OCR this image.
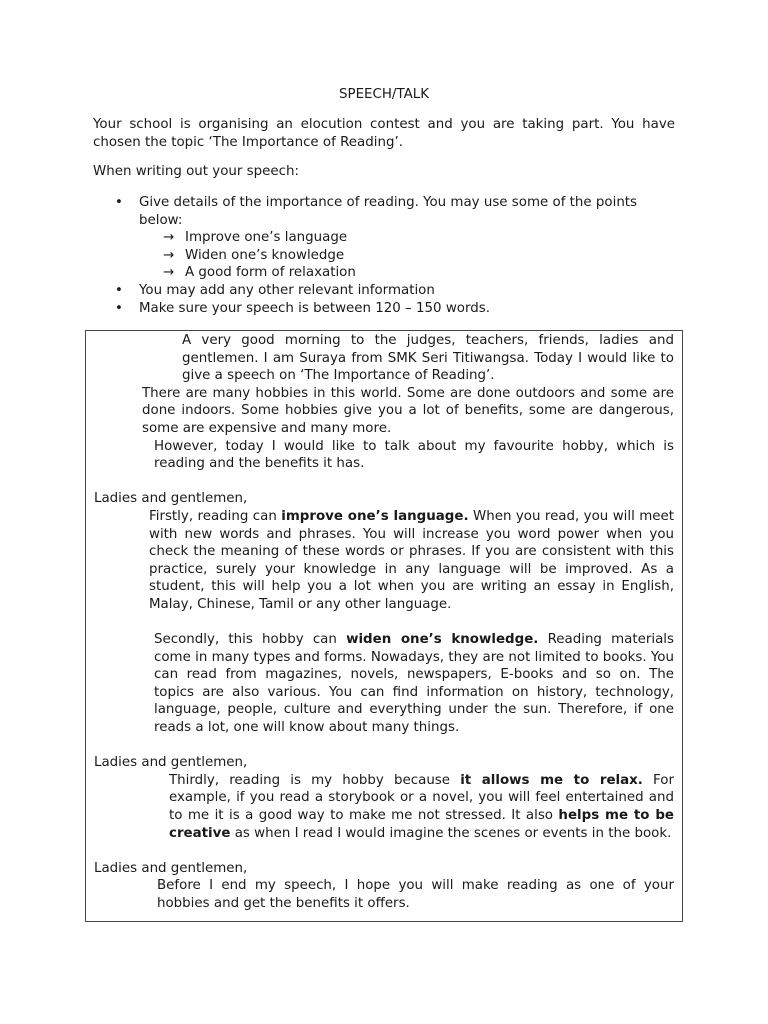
SPEECH/TALK
Your school is organising an elocution contest and you are taking part. You have chosen the topic ‘The Importance of Reading’.
When writing out your speech:
• Give details of the importance of reading. You may use some of the points below:
→ Improve one’s language
→ Widen one’s knowledge
→ A good form of relaxation
• You may add any other relevant information
• Make sure your speech is between 120 – 150 words.

A very good morning to the judges, teachers, friends, ladies and gentlemen. I am Suraya from SMK Seri Titiwangsa. Today I would like to give a speech on ‘The Importance of Reading’.

There are many hobbies in this world. Some are done outdoors and some are done indoors. Some hobbies give you a lot of benefits, some are dangerous, some are expensive and many more.

However, today I would like to talk about my favourite hobby, which is reading and the benefits it has.

Ladies and gentlemen,

Firstly, reading can improve one’s language. When you read, you will meet with new words and phrases. You will increase you word power when you check the meaning of these words or phrases. If you are consistent with this practice, surely your knowledge in any language will be improved. As a student, this will help you a lot when you are writing an essay in English, Malay, Chinese, Tamil or any other language.

Secondly, this hobby can widen one’s knowledge. Reading materials come in many types and forms. Nowadays, they are not limited to books. You can read from magazines, novels, newspapers, E-books and so on. The topics are also various. You can find information on history, technology, language, people, culture and everything under the sun. Therefore, if one reads a lot, one will know about many things.

Ladies and gentlemen,

Thirdly, reading is my hobby because it allows me to relax. For example, if you read a storybook or a novel, you will feel entertained and to me it is a good way to make me not stressed. It also helps me to be creative as when I read I would imagine the scenes or events in the book.

Ladies and gentlemen,

Before I end my speech, I hope you will make reading as one of your hobbies and get the benefits it offers.
